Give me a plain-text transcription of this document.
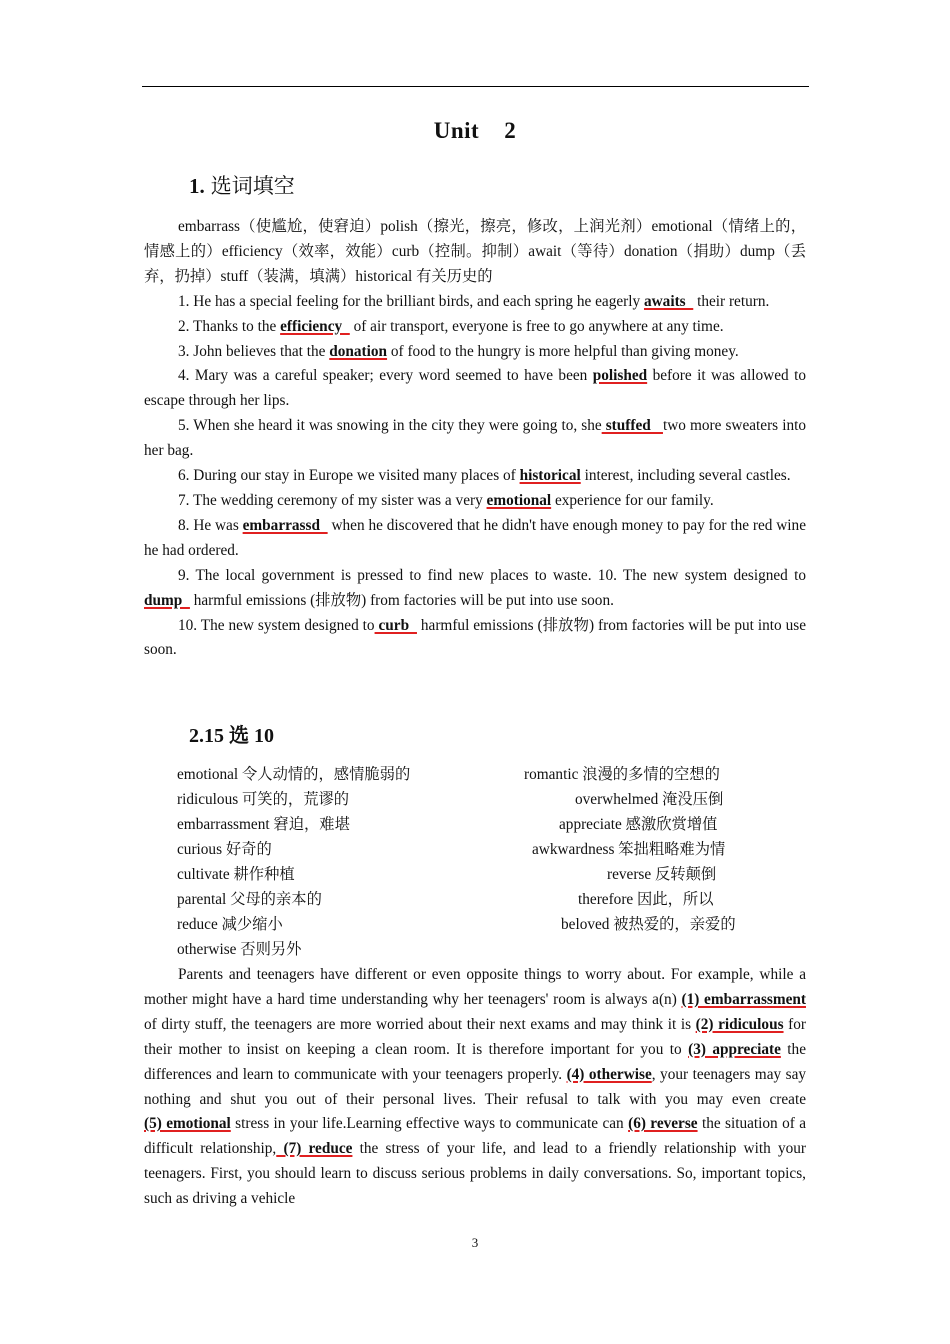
Unit    2
1. 选词填空

embarrass（使尴尬，使窘迫）polish（擦光，擦亮，修改，上润光剂）emotional（情绪上的，情感上的）efficiency（效率，效能）curb（控制。抑制）await（等待）donation（捐助）dump（丢弃，扔掉）stuff（装满，填满）historical 有关历史的

1. He has a special feeling for the brilliant birds, and each spring he eagerly awaits   their return.

2. Thanks to the efficiency   of air transport, everyone is free to go anywhere at any time.

3. John believes that the donation of food to the hungry is more helpful than giving money.

4. Mary was a careful speaker; every word seemed to have been polished before it was allowed to escape through her lips.

5. When she heard it was snowing in the city they were going to, she stuffed   two more sweaters into her bag.

6. During our stay in Europe we visited many places of historical interest, including several castles.

7. The wedding ceremony of my sister was a very emotional experience for our family.

8. He was embarrassd   when he discovered that he didn't have enough money to pay for the red wine he had ordered.

9. The local government is pressed to find new places to waste. 10. The new system designed to dump   harmful emissions (排放物) from factories will be put into use soon.

10. The new system designed to curb   harmful emissions (排放物) from factories will be put into use soon.

2.15 选 10
emotional 令人动情的，感情脆弱的	romantic 浪漫的多情的空想的
ridiculous 可笑的，荒谬的	overwhelmed 淹没压倒
embarrassment 窘迫，难堪	appreciate 感激欣赏增值
curious 好奇的	awkwardness 笨拙粗略难为情
cultivate 耕作种植	reverse 反转颠倒
parental 父母的亲本的	therefore 因此，所以
reduce 减少缩小	beloved 被热爱的，亲爱的
otherwise 否则另外

Parents and teenagers have different or even opposite things to worry about. For example, while a mother might have a hard time understanding why her teenagers' room is always a(n) (1) embarrassment of dirty stuff, the teenagers are more worried about their next exams and may think it is (2) ridiculous for their mother to insist on keeping a clean room. It is therefore important for you to (3) appreciate the differences and learn to communicate with your teenagers properly. (4) otherwise, your teenagers may say nothing and shut you out of their personal lives. Their refusal to talk with you may even create (5) emotional stress in your life.Learning effective ways to communicate can (6) reverse the situation of a difficult relationship, (7) reduce the stress of your life, and lead to a friendly relationship with your teenagers. First, you should learn to discuss serious problems in daily conversations. So, important topics, such as driving a vehicle

3
